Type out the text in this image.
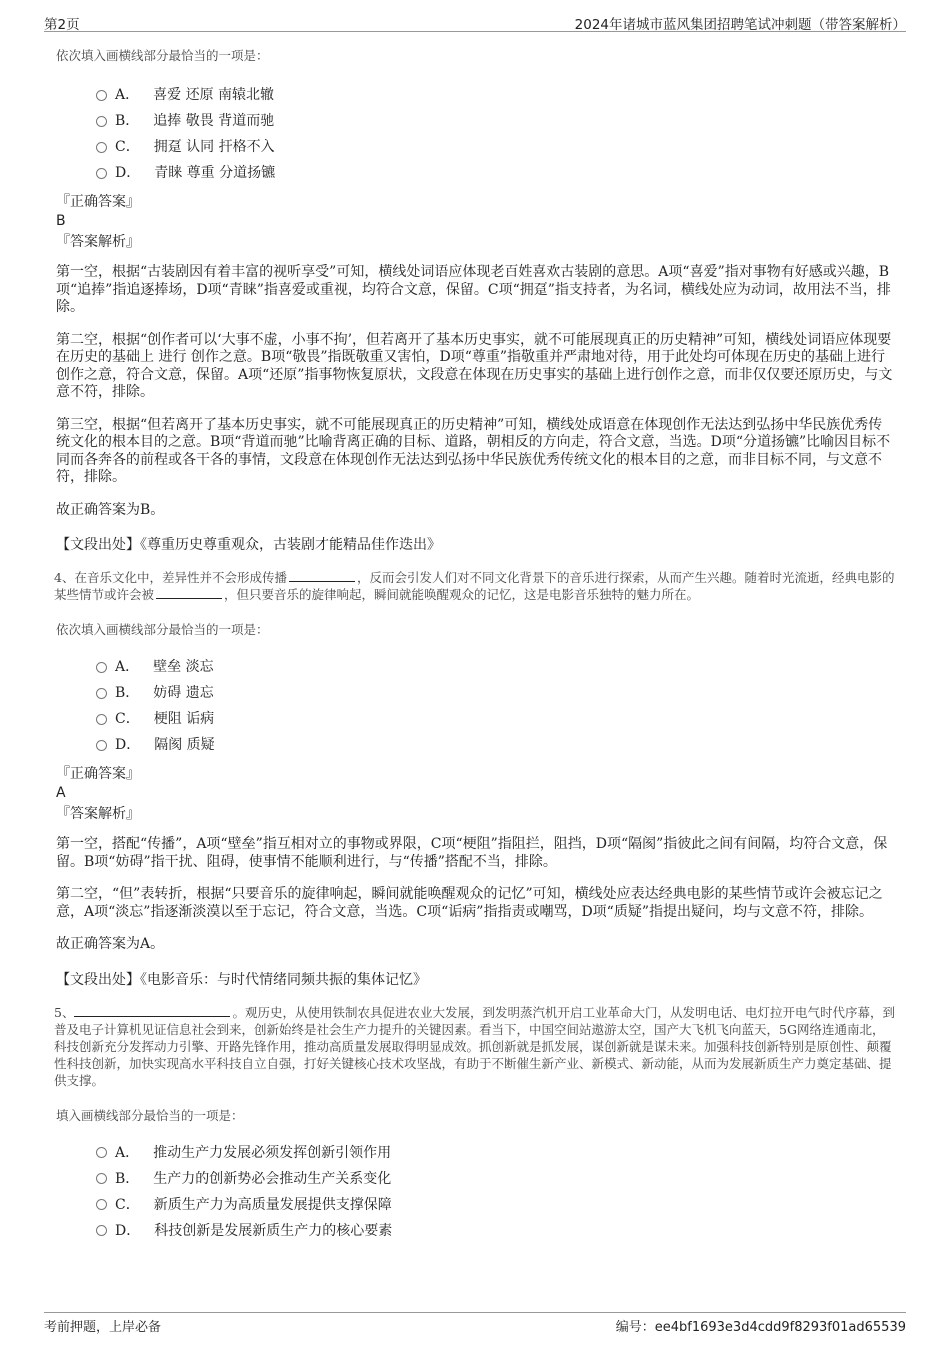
第2页	2024年诸城市蓝风集团招聘笔试冲刺题（带答案解析）

依次填入画横线部分最恰当的一项是：

A． 喜爱 还原 南辕北辙
B． 追捧 敬畏 背道而驰
C． 拥趸 认同 扞格不入
D． 青睐 尊重 分道扬镳

『正确答案』

B

『答案解析』

第一空，根据“古装剧因有着丰富的视听享受”可知，横线处词语应体现老百姓喜欢古装剧的意思。A项“喜爱”指对事物有好感或兴趣，B项“追捧”指追逐捧场，D项“青睐”指喜爱或重视，均符合文意，保留。C项“拥趸”指支持者，为名词，横线处应为动词，故用法不当，排除。

第二空，根据“创作者可以‘大事不虚，小事不拘’，但若离开了基本历史事实，就不可能展现真正的历史精神”可知，横线处词语应体现要在历史的基础上 进行 创作之意。B项“敬畏”指既敬重又害怕，D项“尊重”指敬重并严肃地对待，用于此处均可体现在历史的基础上进行创作之意，符合文意，保留。A项“还原”指事物恢复原状，文段意在体现在历史事实的基础上进行创作之意，而非仅仅要还原历史，与文意不符，排除。

第三空，根据“但若离开了基本历史事实，就不可能展现真正的历史精神”可知，横线处成语意在体现创作无法达到弘扬中华民族优秀传统文化的根本目的之意。B项“背道而驰”比喻背离正确的目标、道路，朝相反的方向走，符合文意，当选。D项“分道扬镳”比喻因目标不同而各奔各的前程或各干各的事情，文段意在体现创作无法达到弘扬中华民族优秀传统文化的根本目的之意，而非目标不同，与文意不符，排除。

故正确答案为B。

【文段出处】《尊重历史尊重观众，古装剧才能精品佳作迭出》

4、在音乐文化中，差异性并不会形成传播	，反而会引发人们对不同文化背景下的音乐进行探索，从而产生兴趣。随着时光流逝，经典电影的某些情节或许会被	，但只要音乐的旋律响起，瞬间就能唤醒观众的记忆，这是电影音乐独特的魅力所在。

依次填入画横线部分最恰当的一项是：

A． 壁垒 淡忘
B． 妨碍 遗忘
C． 梗阻 诟病
D． 隔阂 质疑

『正确答案』

A

『答案解析』

第一空，搭配“传播”，A项“壁垒”指互相对立的事物或界限，C项“梗阻”指阻拦，阻挡，D项“隔阂”指彼此之间有间隔，均符合文意，保留。B项“妨碍”指干扰、阻碍，使事情不能顺利进行，与“传播”搭配不当，排除。

第二空，“但”表转折，根据“只要音乐的旋律响起，瞬间就能唤醒观众的记忆”可知，横线处应表达经典电影的某些情节或许会被忘记之意，A项“淡忘”指逐渐淡漠以至于忘记，符合文意，当选。C项“诟病”指指责或嘲骂，D项“质疑”指提出疑问，均与文意不符，排除。

故正确答案为A。

【文段出处】《电影音乐：与时代情绪同频共振的集体记忆》

5、	。观历史，从使用铁制农具促进农业大发展，到发明蒸汽机开启工业革命大门，从发明电话、电灯拉开电气时代序幕，到普及电子计算机见证信息社会到来，创新始终是社会生产力提升的关键因素。看当下，中国空间站遨游太空，国产大飞机飞向蓝天，5G网络连通南北，科技创新充分发挥动力引擎、开路先锋作用，推动高质量发展取得明显成效。抓创新就是抓发展，谋创新就是谋未来。加强科技创新特别是原创性、颠覆性科技创新，加快实现高水平科技自立自强，打好关键核心技术攻坚战，有助于不断催生新产业、新模式、新动能，从而为发展新质生产力奠定基础、提供支撑。

填入画横线部分最恰当的一项是：

A． 推动生产力发展必须发挥创新引领作用
B． 生产力的创新势必会推动生产关系变化
C． 新质生产力为高质量发展提供支撑保障
D． 科技创新是发展新质生产力的核心要素
考前押题，上岸必备	编号：ee4bf1693e3d4cdd9f8293f01ad65539
